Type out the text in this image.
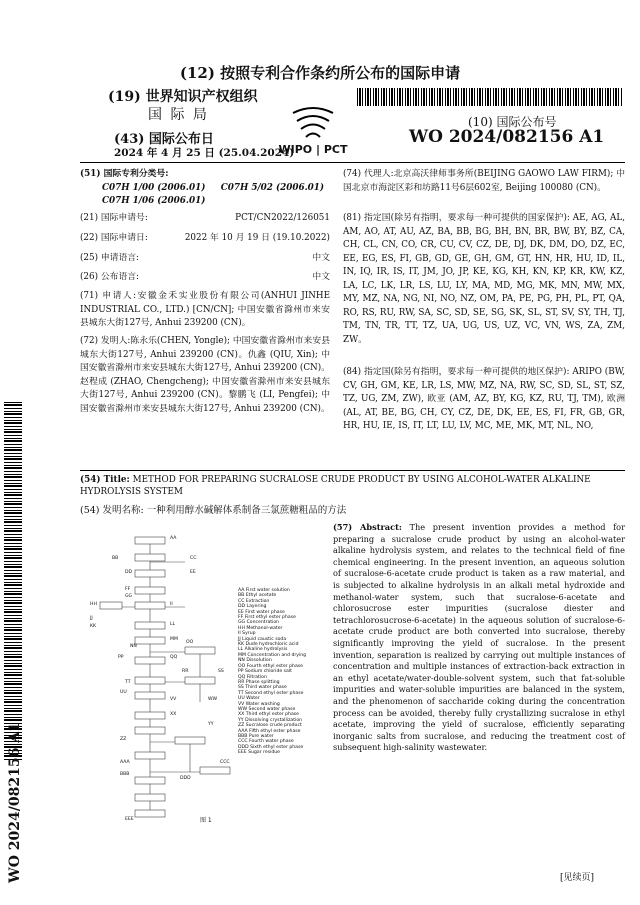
(12) 按照专利合作条约所公布的国际申请
(19) 世界知识产权组织
国 际 局
(43) 国际公布日
2024 年 4 月 25 日 (25.04.2024)
WIPO | PCT
(10) 国际公布号
WO 2024/082156 A1
(51) 国际专利分类号:
C07H 1/00 (2006.01) C07H 5/02 (2006.01)
C07H 1/06 (2006.01)
(21) 国际申请号:	PCT/CN2022/126051
(22) 国际申请日:	2022 年 10 月 19 日 (19.10.2022)
(25) 申请语言:	中文
(26) 公布语言:	中文
(71) 申请人:安徽金禾实业股份有限公司(ANHUI JINHE INDUSTRIAL CO., LTD.) [CN/CN]; 中国安徽省滁州市来安县城东大街127号, Anhui 239200 (CN)。
(72) 发明人:陈永乐(CHEN, Yongle); 中国安徽省滁州市来安县城东大街127号, Anhui 239200 (CN)。仇鑫 (QIU, Xin); 中国安徽省滁州市来安县城东大街127号, Anhui 239200 (CN)。赵程成 (ZHAO, Chengcheng); 中国安徽省滁州市来安县城东大街127号, Anhui 239200 (CN)。黎鹏飞 (LI, Pengfei); 中国安徽省滁州市来安县城东大街127号, Anhui 239200 (CN)。
(74) 代理人:北京高沃律师事务所(BEIJING GAOWO LAW FIRM); 中国北京市海淀区彩和坊路11号6层602室, Beijing 100080 (CN)。
(81) 指定国(除另有指明，要求每一种可提供的国家保护): AE, AG, AL, AM, AO, AT, AU, AZ, BA, BB, BG, BH, BN, BR, BW, BY, BZ, CA, CH, CL, CN, CO, CR, CU, CV, CZ, DE, DJ, DK, DM, DO, DZ, EC, EE, EG, ES, FI, GB, GD, GE, GH, GM, GT, HN, HR, HU, ID, IL, IN, IQ, IR, IS, IT, JM, JO, JP, KE, KG, KH, KN, KP, KR, KW, KZ, LA, LC, LK, LR, LS, LU, LY, MA, MD, MG, MK, MN, MW, MX, MY, MZ, NA, NG, NI, NO, NZ, OM, PA, PE, PG, PH, PL, PT, QA, RO, RS, RU, RW, SA, SC, SD, SE, SG, SK, SL, ST, SV, SY, TH, TJ, TM, TN, TR, TT, TZ, UA, UG, US, UZ, VC, VN, WS, ZA, ZM, ZW。
(84) 指定国(除另有指明，要求每一种可提供的地区保护): ARIPO (BW, CV, GH, GM, KE, LR, LS, MW, MZ, NA, RW, SC, SD, SL, ST, SZ, TZ, UG, ZM, ZW), 欧亚 (AM, AZ, BY, KG, KZ, RU, TJ, TM), 欧洲 (AL, AT, BE, BG, CH, CY, CZ, DE, DK, EE, ES, FI, FR, GB, GR, HR, HU, IE, IS, IT, LT, LU, LV, MC, ME, MK, MT, NL, NO,
(54) Title: METHOD FOR PREPARING SUCRALOSE CRUDE PRODUCT BY USING ALCOHOL-WATER ALKALINE HYDROLYSIS SYSTEM
(54) 发明名称: 一种利用醇水碱解体系制备三氯蔗糖粗品的方法
(57) Abstract: The present invention provides a method for preparing a sucralose crude product by using an alcohol-water alkaline hydrolysis system, and relates to the technical field of fine chemical engineering. In the present invention, an aqueous solution of sucralose-6-acetate crude product is taken as a raw material, and is subjected to alkaline hydrolysis in an alkali metal hydroxide and methanol-water system, such that sucralose-6-acetate and chlorosucrose ester impurities (sucralose diester and tetrachlorosucrose-6-acetate) in the aqueous solution of sucralose-6-acetate crude product are both converted into sucralose, thereby significantly improving the yield of sucralose. In the present invention, separation is realized by carrying out multiple instances of concentration and multiple instances of extraction-back extraction in an ethyl acetate/water-double-solvent system, such that fat-soluble impurities and water-soluble impurities are balanced in the system, and the phenomenon of saccharide coking during the concentration process can be avoided, thereby fully crystallizing sucralose in ethyl acetate, improving the yield of sucralose, efficiently separating inorganic salts from sucralose, and reducing the treatment cost of subsequent high-salinity wastewater.
AA First water solution
BB Ethyl acetate
CC Extraction
DD Layering
EE First water phase
FF First ethyl ester phase
GG Concentration
HH Methanol-water
II Syrup
JJ Liquid caustic soda
KK Dude hydrochloric acid
LL Alkaline hydrolysis
MM Concentration and drying
NN Dissolution
OO Fourth ethyl ester phase
PP Sodium chloride salt
QQ Filtration
RR Phase splitting
SS Third water phase
TT Second ethyl ester phase
UU Water
VV Water washing
WW Second water phase
XX Third ethyl ester phase
YY Dissolving crystallization
ZZ Sucralose crude product
AAA Fifth ethyl ester phase
BBB Pure water
CCC Fourth water phase
DDD Sixth ethyl ester phase
EEE Sugar residue
AA
BB	CC
DD	EE
FF
GG
HH	II
JJ
KK	LL
MM
NN
OO
PP	QQ
RR	SS
TT
UU
VV	WW
XX
YY
ZZ
AAA
BBB
CCC
DDD
EEE	图 1
WO 2024/082156 A1	[见续页]
